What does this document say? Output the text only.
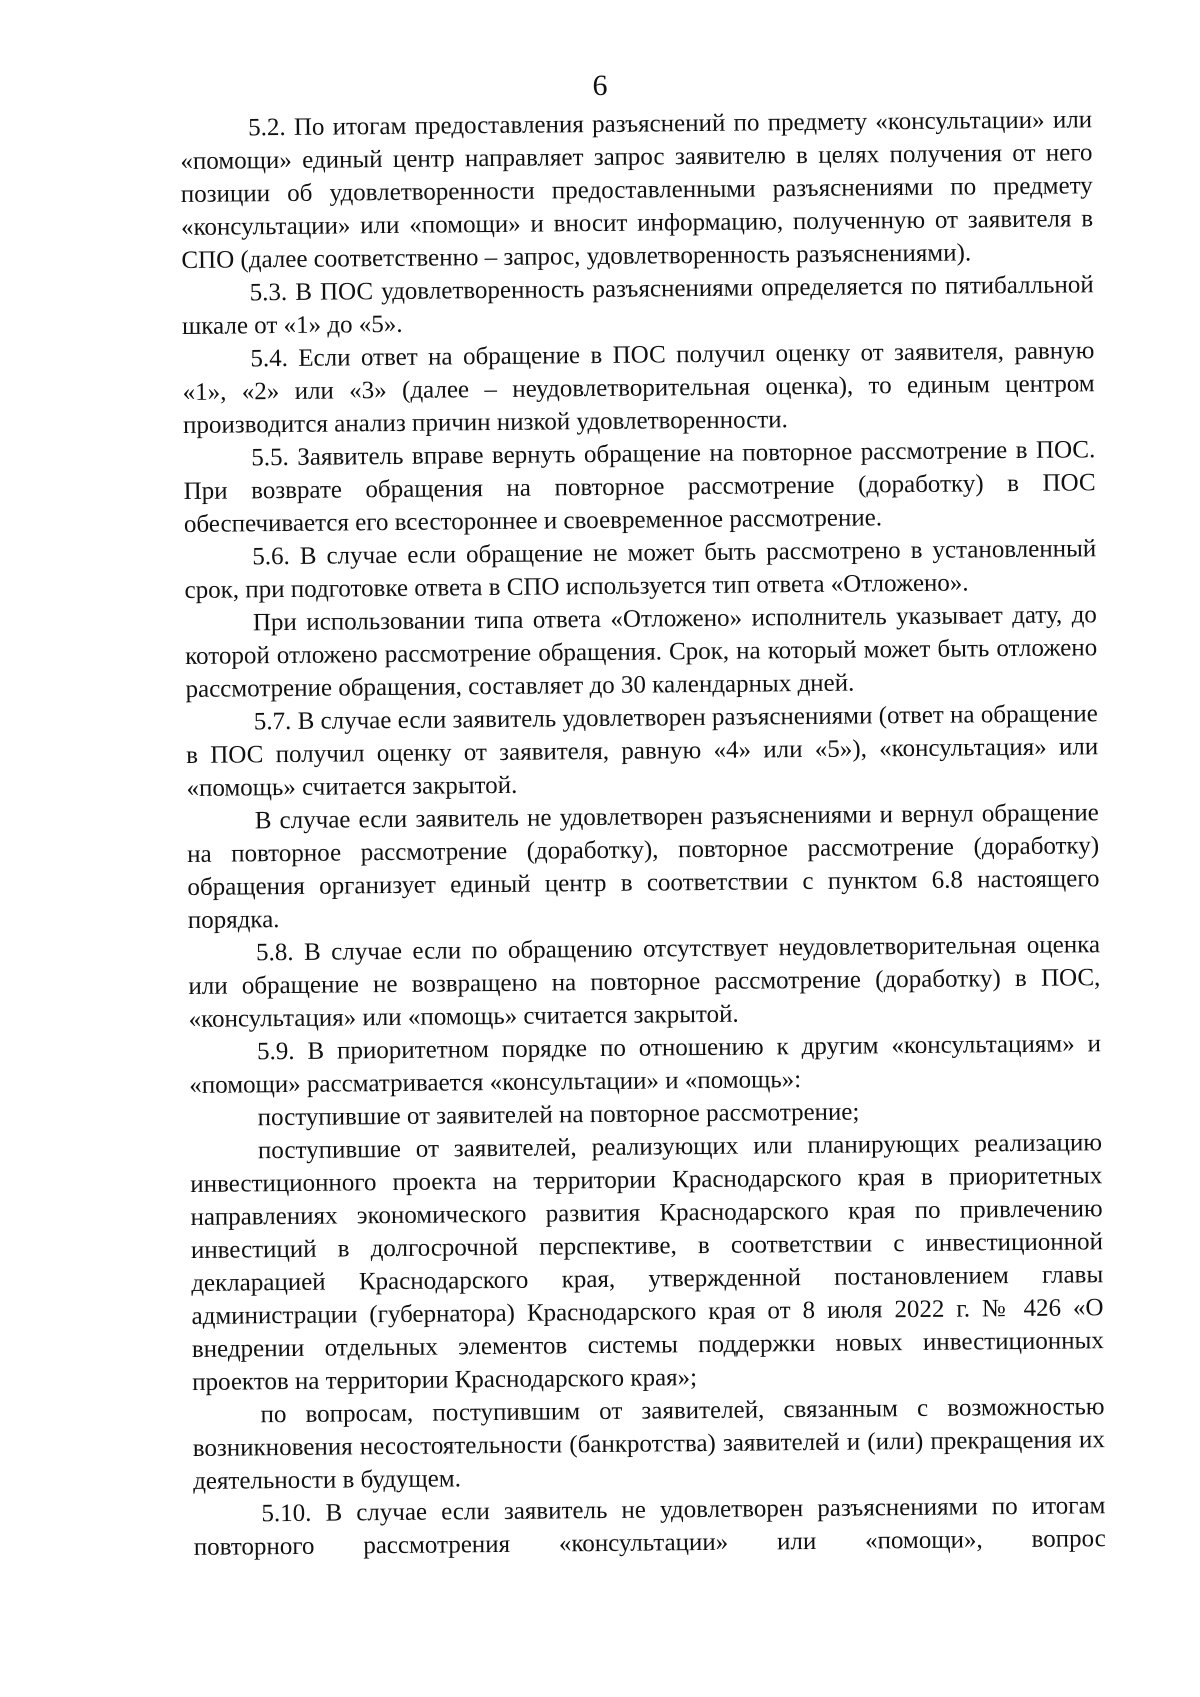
6

5.2. По итогам предоставления разъяснений по предмету «консультации» или «помощи» единый центр направляет запрос заявителю в целях получения от него позиции об удовлетворенности предоставленными разъяснениями по предмету «консультации» или «помощи» и вносит информацию, полученную от заявителя в СПО (далее соответственно – запрос, удовлетворенность разъяснениями).

5.3. В ПОС удовлетворенность разъяснениями определяется по пятибалльной шкале от «1» до «5».

5.4. Если ответ на обращение в ПОС получил оценку от заявителя, равную «1», «2» или «3» (далее – неудовлетворительная оценка), то единым центром производится анализ причин низкой удовлетворенности.

5.5. Заявитель вправе вернуть обращение на повторное рассмотрение в ПОС. При возврате обращения на повторное рассмотрение (доработку) в ПОС обеспечивается его всестороннее и своевременное рассмотрение.

5.6. В случае если обращение не может быть рассмотрено в установленный срок, при подготовке ответа в СПО используется тип ответа «Отложено».

При использовании типа ответа «Отложено» исполнитель указывает дату, до которой отложено рассмотрение обращения. Срок, на который может быть отложено рассмотрение обращения, составляет до 30 календарных дней.

5.7. В случае если заявитель удовлетворен разъяснениями (ответ на обращение в ПОС получил оценку от заявителя, равную «4» или «5»), «консультация» или «помощь» считается закрытой.

В случае если заявитель не удовлетворен разъяснениями и вернул обращение на повторное рассмотрение (доработку), повторное рассмотрение (доработку) обращения организует единый центр в соответствии с пунктом 6.8 настоящего порядка.

5.8. В случае если по обращению отсутствует неудовлетворительная оценка или обращение не возвращено на повторное рассмотрение (доработку) в ПОС, «консультация» или «помощь» считается закрытой.

5.9. В приоритетном порядке по отношению к другим «консультациям» и «помощи» рассматривается «консультации» и «помощь»:

поступившие от заявителей на повторное рассмотрение;

поступившие от заявителей, реализующих или планирующих реализацию инвестиционного проекта на территории Краснодарского края в приоритетных направлениях экономического развития Краснодарского края по привлечению инвестиций в долгосрочной перспективе, в соответствии с инвестиционной декларацией Краснодарского края, утвержденной постановлением главы администрации (губернатора) Краснодарского края от 8 июля 2022 г. № 426 «О внедрении отдельных элементов системы поддержки новых инвестиционных проектов на территории Краснодарского края»;

по вопросам, поступившим от заявителей, связанным с возможностью возникновения несостоятельности (банкротства) заявителей и (или) прекращения их деятельности в будущем.

5.10. В случае если заявитель не удовлетворен разъяснениями по итогам повторного рассмотрения «консультации» или «помощи», вопрос
